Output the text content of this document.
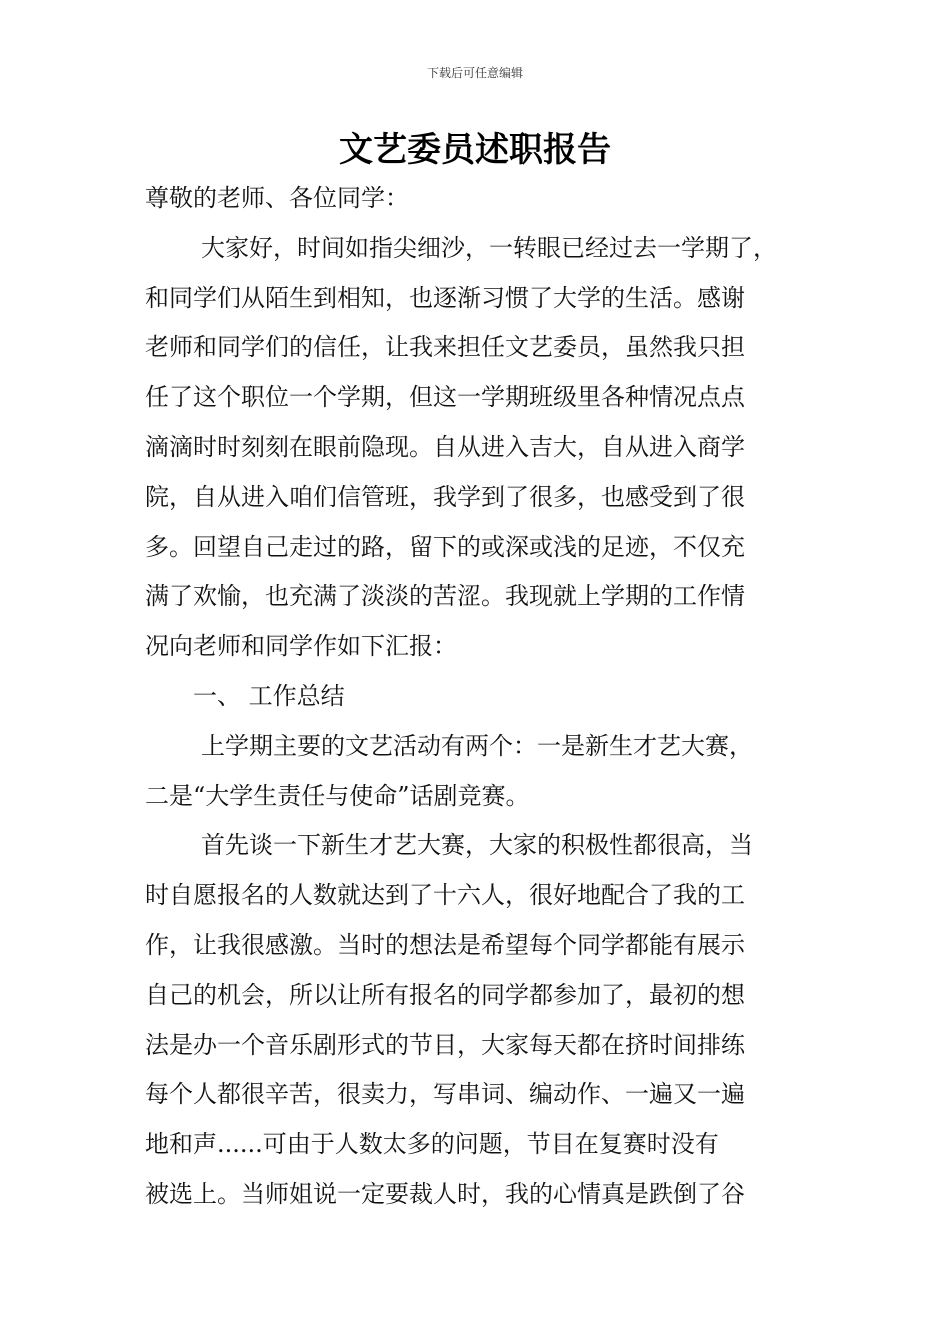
下载后可任意编辑
文艺委员述职报告
尊敬的老师、各位同学：
大家好，时间如指尖细沙，一转眼已经过去一学期了，
和同学们从陌生到相知，也逐渐习惯了大学的生活。感谢
老师和同学们的信任，让我来担任文艺委员，虽然我只担
任了这个职位一个学期，但这一学期班级里各种情况点点
滴滴时时刻刻在眼前隐现。自从进入吉大，自从进入商学
院，自从进入咱们信管班，我学到了很多，也感受到了很
多。回望自己走过的路，留下的或深或浅的足迹，不仅充
满了欢愉，也充满了淡淡的苦涩。我现就上学期的工作情
况向老师和同学作如下汇报：
一、 工作总结
上学期主要的文艺活动有两个：一是新生才艺大赛，
二是“大学生责任与使命”话剧竞赛。
首先谈一下新生才艺大赛，大家的积极性都很高，当
时自愿报名的人数就达到了十六人，很好地配合了我的工
作，让我很感激。当时的想法是希望每个同学都能有展示
自己的机会，所以让所有报名的同学都参加了，最初的想
法是办一个音乐剧形式的节目，大家每天都在挤时间排练
每个人都很辛苦，很卖力，写串词、编动作、一遍又一遍
地和声......可由于人数太多的问题，节目在复赛时没有
被选上。当师姐说一定要裁人时，我的心情真是跌倒了谷
